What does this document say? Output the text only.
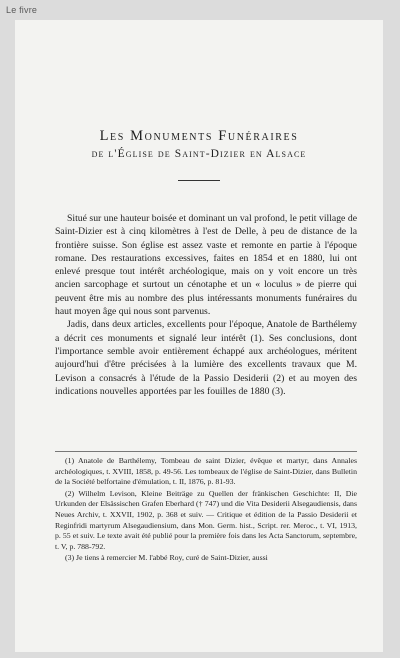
Le fivre
Les Monuments Funéraires
de l'Église de Saint-Dizier en Alsace

Situé sur une hauteur boisée et dominant un val profond, le petit village de Saint-Dizier est à cinq kilomètres à l'est de Delle, à peu de distance de la frontière suisse. Son église est assez vaste et remonte en partie à l'époque romane. Des restaurations excessives, faites en 1854 et en 1880, lui ont enlevé presque tout intérêt archéologique, mais on y voit encore un très ancien sarcophage et surtout un cénotaphe et un « loculus » de pierre qui peuvent être mis au nombre des plus intéressants monuments funéraires du haut moyen âge qui nous sont parvenus.

Jadis, dans deux articles, excellents pour l'époque, Anatole de Barthélemy a décrit ces monuments et signalé leur intérêt (1). Ses conclusions, dont l'importance semble avoir entièrement échappé aux archéologues, méritent aujourd'hui d'être précisées à la lumière des excellents travaux que M. Levison a consacrés à l'étude de la Passio Desiderii (2) et au moyen des indications nouvelles apportées par les fouilles de 1880 (3).

(1) Anatole de Barthélemy, Tombeau de saint Dizier, évêque et martyr, dans Annales archéologiques, t. XVIII, 1858, p. 49-56. Les tombeaux de l'église de Saint-Dizier, dans Bulletin de la Société belfortaine d'émulation, t. II, 1876, p. 81-93.

(2) Wilhelm Levison, Kleine Beiträge zu Quellen der fränkischen Geschichte: II, Die Urkunden der Elsässischen Grafen Eberhard († 747) und die Vita Desiderii Alsegaudiensis, dans Neues Archiv, t. XXVII, 1902, p. 368 et suiv. — Critique et édition de la Passio Desiderii et Reginfridi martyrum Alsegaudiensium, dans Mon. Germ. hist., Script. rer. Meroc., t. VI, 1913, p. 55 et suiv. Le texte avait été publié pour la première fois dans les Acta Sanctorum, septembre, t. V, p. 788-792.

(3) Je tiens à remercier M. l'abbé Roy, curé de Saint-Dizier, aussi
